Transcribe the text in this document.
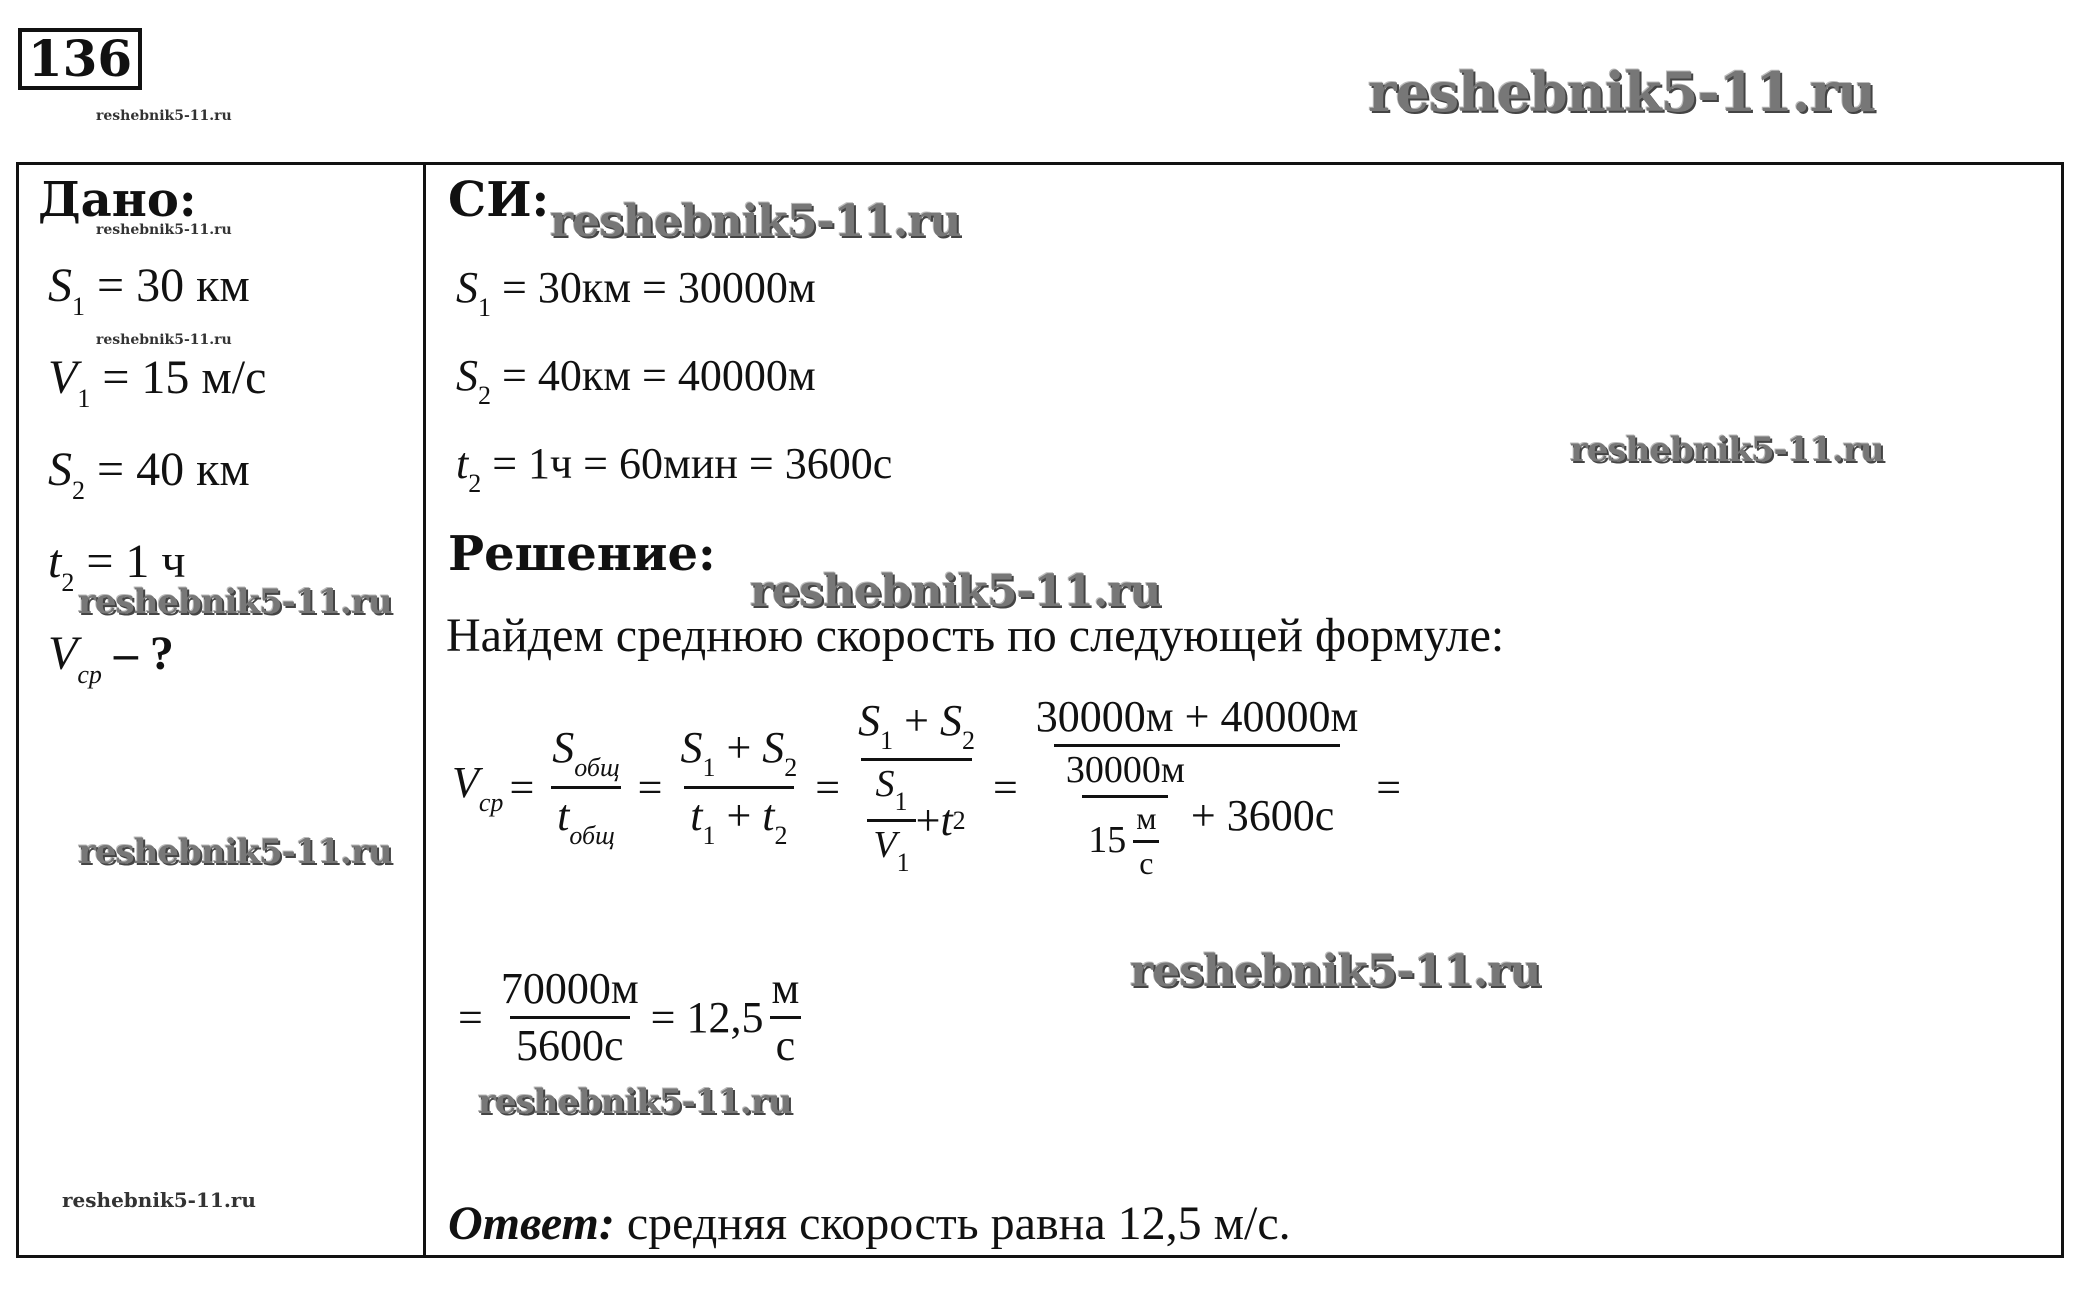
136
reshebnik5-11.ru	reshebnik5-11.ru
Дано:
reshebnik5-11.ru
$S_1 = 30$ км
reshebnik5-11.ru
$V_1 = 15$ м/с
$S_2 = 40$ км
$t_2 = 1$ ч
reshebnik5-11.ru
$V_{ср}$ – ?
reshebnik5-11.ru
reshebnik5-11.ru
СИ: reshebnik5-11.ru
$S_1 = 30км = 30000м$
$S_2 = 40км = 40000м$
$t_2 = 1ч = 60мин = 3600с$	reshebnik5-11.ru
Решение:
reshebnik5-11.ru
Найдем среднюю скорость по следующей формуле:
$V_{ср} = \frac{S_{общ}}{t_{общ}} = \frac{S_1 + S_2}{t_1 + t_2} = \frac{S_1 + S_2}{\frac{S_1}{V_1} + t 2}$ =
30000м + 40000м
$\frac{30000м}{15 \frac{м}{с}} + 3600с$
=
reshebnik5-11.ru
= $\frac{70000м}{5600с} = 12,5 \frac{м}{с}$
reshebnik5-11.ru
Ответ: средняя скорость равна 12,5 м/с.
